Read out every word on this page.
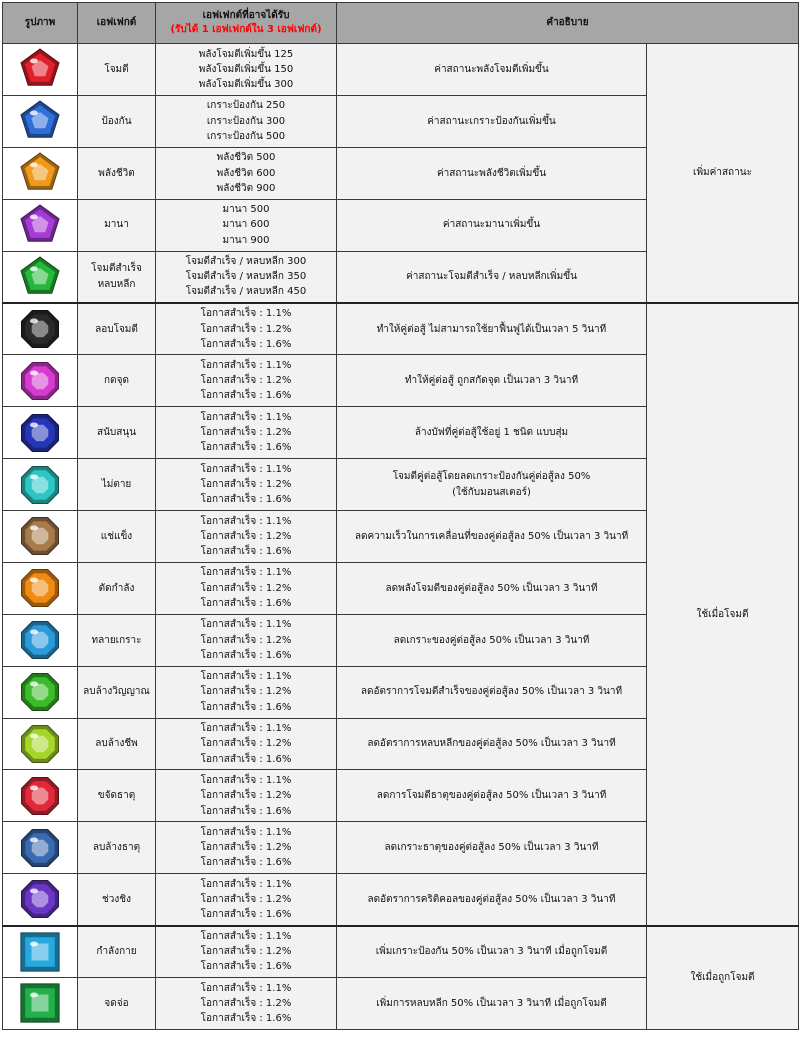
รูปภาพ	เอฟเฟกต์	เอฟเฟกต์ที่อาจได้รับ
(รับได้ 1 เอฟเฟกต์ใน 3 เอฟเฟกต์)	คำอธิบาย	

โจมตี	พลังโจมตีเพิ่มขึ้น 125
พลังโจมตีเพิ่มขึ้น 150
พลังโจมตีเพิ่มขึ้น 300	ค่าสถานะพลังโจมตีเพิ่มขึ้น	เพิ่มค่าสถานะ

ป้องกัน	เกราะป้องกัน 250
เกราะป้องกัน 300
เกราะป้องกัน 500	ค่าสถานะเกราะป้องกันเพิ่มขึ้น	

พลังชีวิต	พลังชีวิต 500
พลังชีวิต 600
พลังชีวิต 900	ค่าสถานะพลังชีวิตเพิ่มขึ้น	

มานา	มานา 500
มานา 600
มานา 900	ค่าสถานะมานาเพิ่มขึ้น	

โจมตีสำเร็จ
หลบหลีก	โจมตีสำเร็จ / หลบหลีก 300
โจมตีสำเร็จ / หลบหลีก 350
โจมตีสำเร็จ / หลบหลีก 450	ค่าสถานะโจมตีสำเร็จ / หลบหลีกเพิ่มขึ้น	

ลอบโจมตี	โอกาสสำเร็จ : 1.1%
โอกาสสำเร็จ : 1.2%
โอกาสสำเร็จ : 1.6%	ทำให้คู่ต่อสู้ ไม่สามารถใช้ยาฟื้นฟูได้เป็นเวลา 5 วินาที	ใช้เมื่อโจมตี

กดจุด	โอกาสสำเร็จ : 1.1%
โอกาสสำเร็จ : 1.2%
โอกาสสำเร็จ : 1.6%	ทำให้คู่ต่อสู้ ถูกสกัดจุด เป็นเวลา 3 วินาที	

สนับสนุน	โอกาสสำเร็จ : 1.1%
โอกาสสำเร็จ : 1.2%
โอกาสสำเร็จ : 1.6%	ล้างบัฟที่คู่ต่อสู้ใช้อยู่ 1 ชนิด แบบสุ่ม	

ไม่ตาย	โอกาสสำเร็จ : 1.1%
โอกาสสำเร็จ : 1.2%
โอกาสสำเร็จ : 1.6%	โจมตีคู่ต่อสู้โดยลดเกราะป้องกันคู่ต่อสู้ลง 50%
(ใช้กับมอนสเตอร์)	

แช่แข็ง	โอกาสสำเร็จ : 1.1%
โอกาสสำเร็จ : 1.2%
โอกาสสำเร็จ : 1.6%	ลดความเร็วในการเคลื่อนที่ของคู่ต่อสู้ลง 50% เป็นเวลา 3 วินาที	

ตัดกำลัง	โอกาสสำเร็จ : 1.1%
โอกาสสำเร็จ : 1.2%
โอกาสสำเร็จ : 1.6%	ลดพลังโจมตีของคู่ต่อสู้ลง 50% เป็นเวลา 3 วินาที	

ทลายเกราะ	โอกาสสำเร็จ : 1.1%
โอกาสสำเร็จ : 1.2%
โอกาสสำเร็จ : 1.6%	ลดเกราะของคู่ต่อสู้ลง 50% เป็นเวลา 3 วินาที	

ลบล้างวิญญาณ	โอกาสสำเร็จ : 1.1%
โอกาสสำเร็จ : 1.2%
โอกาสสำเร็จ : 1.6%	ลดอัตราการโจมตีสำเร็จของคู่ต่อสู้ลง 50% เป็นเวลา 3 วินาที	

ลบล้างชีพ	โอกาสสำเร็จ : 1.1%
โอกาสสำเร็จ : 1.2%
โอกาสสำเร็จ : 1.6%	ลดอัตราการหลบหลีกของคู่ต่อสู้ลง 50% เป็นเวลา 3 วินาที	

ขจัดธาตุ	โอกาสสำเร็จ : 1.1%
โอกาสสำเร็จ : 1.2%
โอกาสสำเร็จ : 1.6%	ลดการโจมตีธาตุของคู่ต่อสู้ลง 50% เป็นเวลา 3 วินาที	

ลบล้างธาตุ	โอกาสสำเร็จ : 1.1%
โอกาสสำเร็จ : 1.2%
โอกาสสำเร็จ : 1.6%	ลดเกราะธาตุของคู่ต่อสู้ลง 50% เป็นเวลา 3 วินาที	

ช่วงชิง	โอกาสสำเร็จ : 1.1%
โอกาสสำเร็จ : 1.2%
โอกาสสำเร็จ : 1.6%	ลดอัตราการคริติคอลของคู่ต่อสู้ลง 50% เป็นเวลา 3 วินาที	

กำลังกาย	โอกาสสำเร็จ : 1.1%
โอกาสสำเร็จ : 1.2%
โอกาสสำเร็จ : 1.6%	เพิ่มเกราะป้องกัน 50% เป็นเวลา 3 วินาที เมื่อถูกโจมตี	ใช้เมื่อถูกโจมตี

จดจ่อ	โอกาสสำเร็จ : 1.1%
โอกาสสำเร็จ : 1.2%
โอกาสสำเร็จ : 1.6%	เพิ่มการหลบหลีก 50% เป็นเวลา 3 วินาที เมื่อถูกโจมตี	
